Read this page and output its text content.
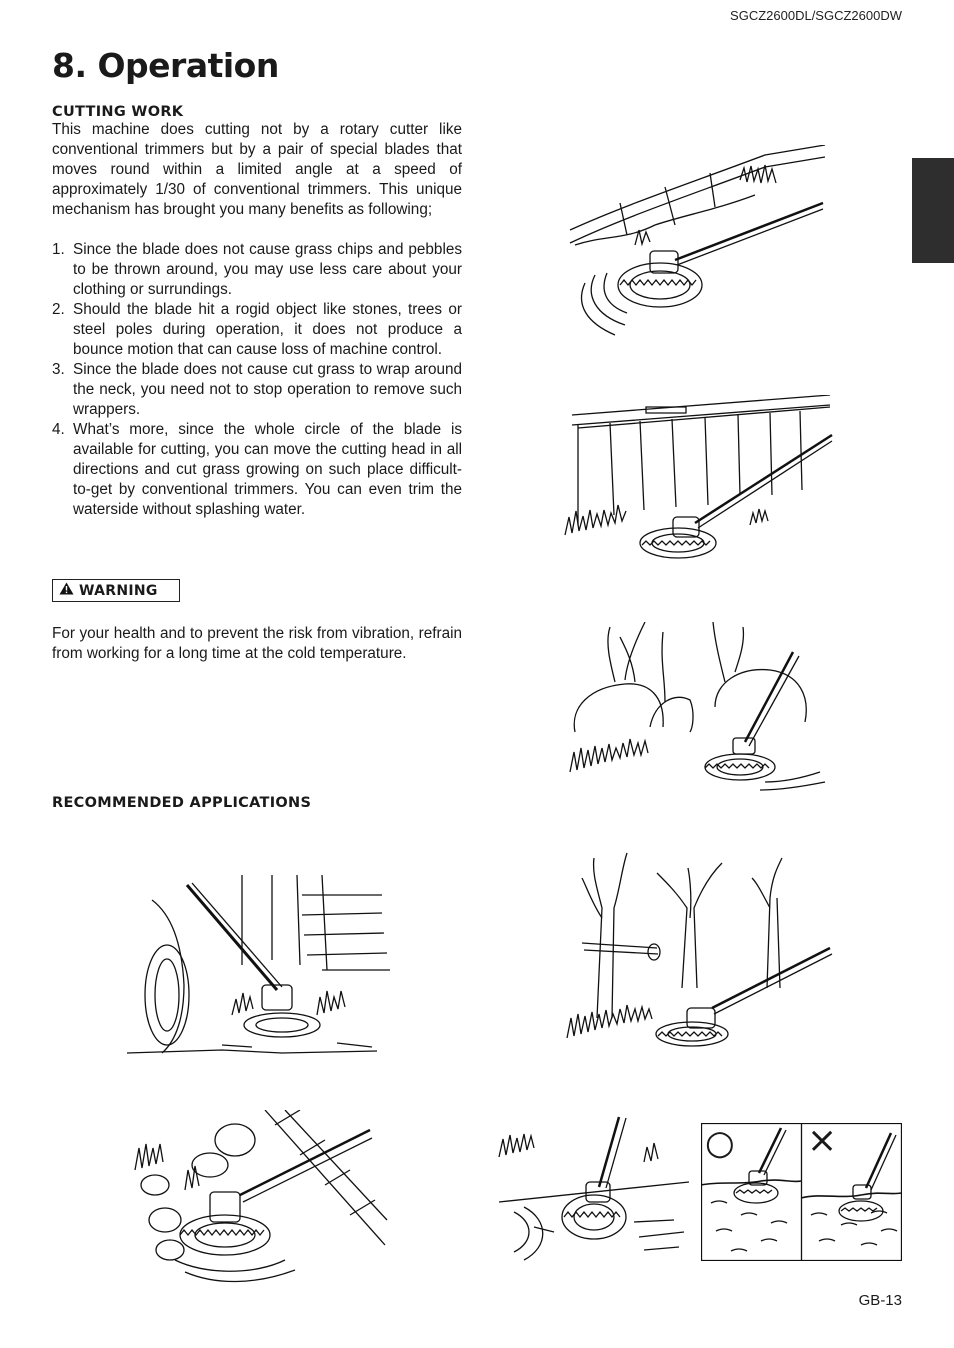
SGCZ2600DL/SGCZ2600DW
8. Operation
CUTTING WORK

This machine does cutting not by a rotary cutter like conventional trimmers but by a pair of special blades that moves round within a limited angle at a speed of approximately 1/30 of conventional trimmers. This unique mechanism has brought you many benefits as following;

1. Since the blade does not cause grass chips and pebbles to be thrown around, you may use less care about your clothing or surrundings.
2. Should the blade hit a rogid object like stones, trees or steel poles during operation, it does not produce a bounce motion that can cause loss of machine control.
3. Since the blade does not cause cut grass to wrap around the neck, you need not to stop operation to remove such wrappers.
4. What’s more, since the whole circle of the blade is available for cutting, you can move the cutting head in all directions and cut grass growing on such place difficult-to-get by conventional trimmers. You can even trim the waterside without splashing water.
WARNING

For your health and to prevent the risk from vibration, refrain from working for a long time at the cold temperature.

RECOMMENDED APPLICATIONS
○ ×
GB-13
